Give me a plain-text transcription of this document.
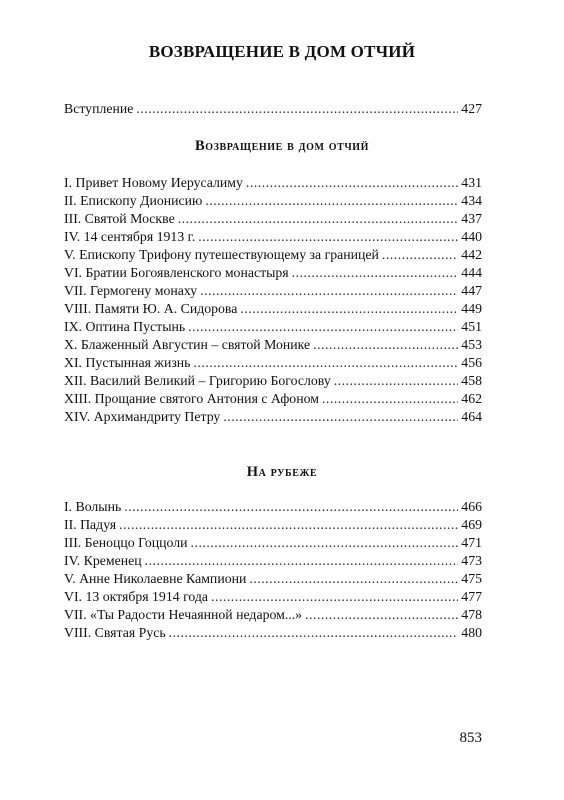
ВОЗВРАЩЕНИЕ В ДОМ ОТЧИЙ
Вступление .....	427
Возвращение в дом отчий
I. Привет Новому Иерусалиму .....	431
II. Епископу Дионисию .....	434
III. Святой Москве .....	437
IV. 14 сентября 1913 г. .....	440
V. Епископу Трифону путешествующему за границей .....	442
VI. Братии Богоявленского монастыря .....	444
VII. Гермогену монаху .....	447
VIII. Памяти Ю. А. Сидорова .....	449
IX. Оптина Пустынь .....	451
X. Блаженный Августин – святой Монике .....	453
XI. Пустынная жизнь .....	456
XII. Василий Великий – Григорию Богослову .....	458
XIII. Прощание святого Антония с Афоном .....	462
XIV. Архимандриту Петру .....	464
На рубеже
I. Волынь .....	466
II. Падуя .....	469
III. Беноццо Гоццоли .....	471
IV. Кременец .....	473
V. Анне Николаевне Кампиони .....	475
VI. 13 октября 1914 года .....	477
VII. «Ты Радости Нечаянной недаром...» .....	478
VIII. Святая Русь .....	480
853
